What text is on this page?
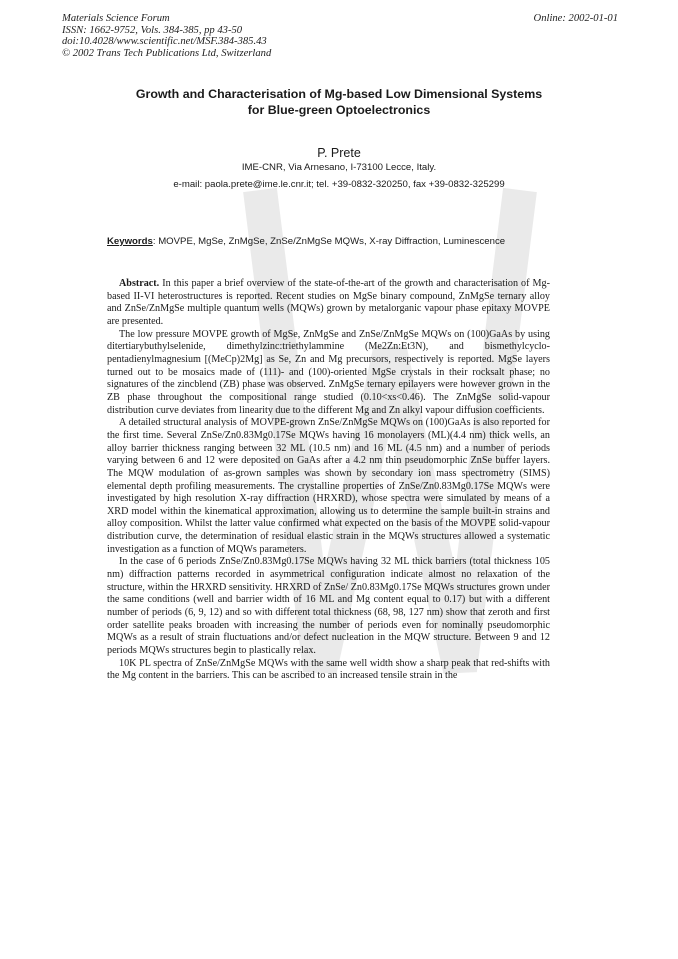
Materials Science Forum
ISSN: 1662-9752, Vols. 384-385, pp 43-50
doi:10.4028/www.scientific.net/MSF.384-385.43
© 2002 Trans Tech Publications Ltd, Switzerland
Online: 2002-01-01
Growth and Characterisation of Mg-based Low Dimensional Systems
for Blue-green Optoelectronics
P. Prete
IME-CNR, Via Arnesano, I-73100 Lecce, Italy.
e-mail: paola.prete@ime.le.cnr.it; tel. +39-0832-320250, fax +39-0832-325299
Keywords: MOVPE, MgSe, ZnMgSe, ZnSe/ZnMgSe MQWs, X-ray Diffraction, Luminescence

Abstract. In this paper a brief overview of the state-of-the-art of the growth and characterisation of Mg-based II-VI heterostructures is reported. Recent studies on MgSe binary compound, ZnMgSe ternary alloy and ZnSe/ZnMgSe multiple quantum wells (MQWs) grown by metalorganic vapour phase epitaxy MOVPE are presented.

The low pressure MOVPE growth of MgSe, ZnMgSe and ZnSe/ZnMgSe MQWs on (100)GaAs by using ditertiarybuthylselenide, dimethylzinc:triethylammine (Me2Zn:Et3N), and bismethylcyclo-pentadienylmagnesium [(MeCp)2Mg] as Se, Zn and Mg precursors, respectively is reported. MgSe layers turned out to be mosaics made of (111)- and (100)-oriented MgSe crystals in their rocksalt phase; no signatures of the zincblend (ZB) phase was observed. ZnMgSe ternary epilayers were however grown in the ZB phase throughout the compositional range studied (0.10<xs<0.46). The ZnMgSe solid-vapour distribution curve deviates from linearity due to the different Mg and Zn alkyl vapour diffusion coefficients.

A detailed structural analysis of MOVPE-grown ZnSe/ZnMgSe MQWs on (100)GaAs is also reported for the first time. Several ZnSe/Zn0.83Mg0.17Se MQWs having 16 monolayers (ML)(4.4 nm) thick wells, an alloy barrier thickness ranging between 32 ML (10.5 nm) and 16 ML (4.5 nm) and a number of periods varying between 6 and 12 were deposited on GaAs after a 4.2 nm thin pseudomorphic ZnSe buffer layers. The MQW modulation of as-grown samples was shown by secondary ion mass spectrometry (SIMS) elemental depth profiling measurements. The crystalline properties of ZnSe/Zn0.83Mg0.17Se MQWs were investigated by high resolution X-ray diffraction (HRXRD), whose spectra were simulated by means of a XRD model within the kinematical approximation, allowing us to determine the sample built-in strains and alloy composition. Whilst the latter value confirmed what expected on the basis of the MOVPE solid-vapour distribution curve, the determination of residual elastic strain in the MQWs structures allowed a systematic investigation as a function of MQWs parameters.

In the case of 6 periods ZnSe/Zn0.83Mg0.17Se MQWs having 32 ML thick barriers (total thickness 105 nm) diffraction patterns recorded in asymmetrical configuration indicate almost no relaxation of the structure, within the HRXRD sensitivity. HRXRD of ZnSe/ Zn0.83Mg0.17Se MQWs structures grown under the same conditions (well and barrier width of 16 ML and Mg content equal to 0.17) but with a different number of periods (6, 9, 12) and so with different total thickness (68, 98, 127 nm) show that zeroth and first order satellite peaks broaden with increasing the number of periods even for nominally pseudomorphic MQWs as a result of strain fluctuations and/or defect nucleation in the MQW structure. Between 9 and 12 periods MQWs structures begin to plastically relax.

10K PL spectra of ZnSe/ZnMgSe MQWs with the same well width show a sharp peak that red-shifts with the Mg content in the barriers. This can be ascribed to an increased tensile strain in the
